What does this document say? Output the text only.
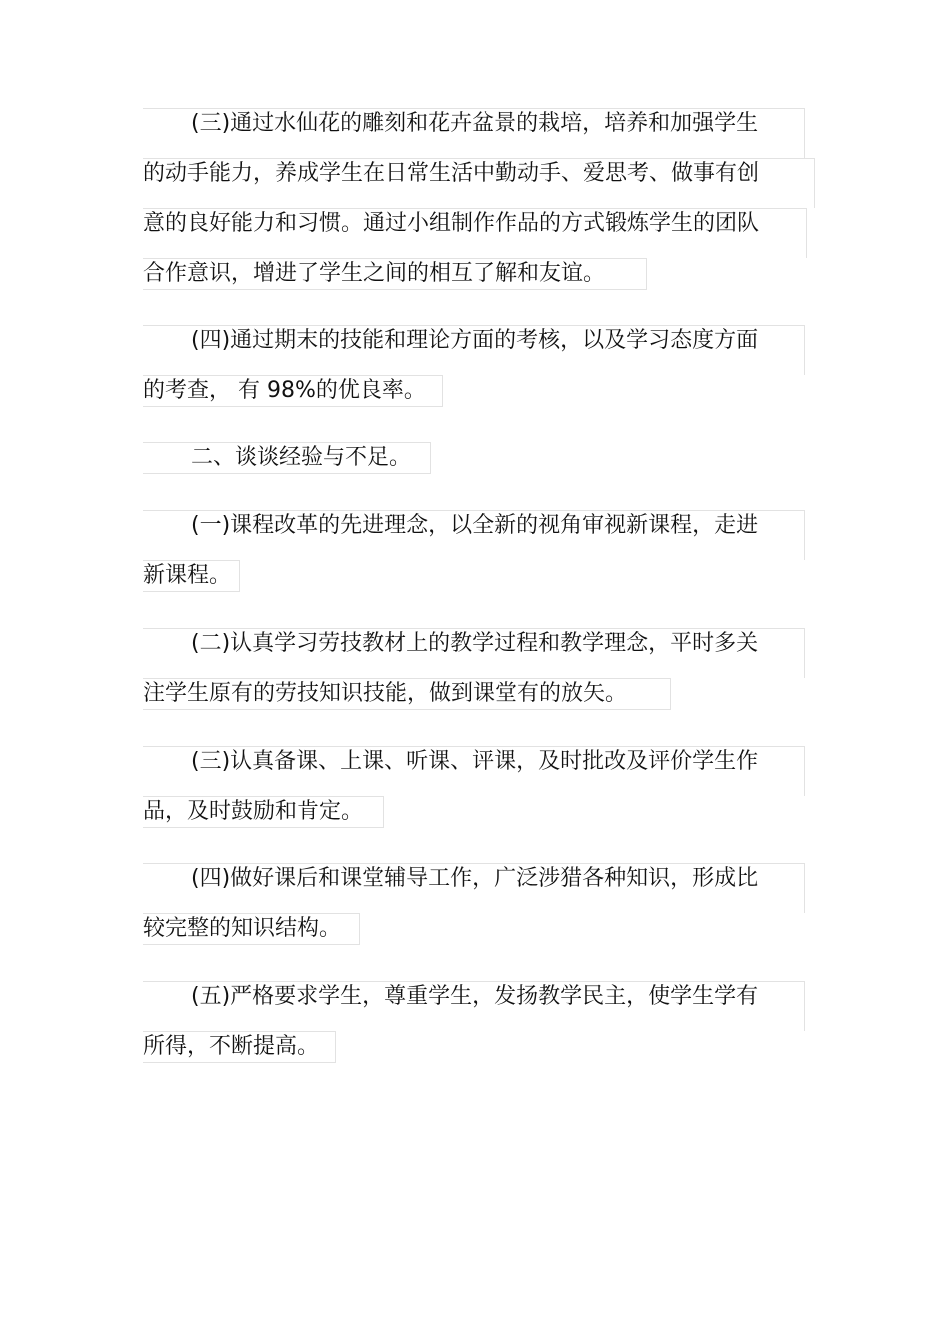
(三)通过水仙花的雕刻和花卉盆景的栽培，培养和加强学生
的动手能力，养成学生在日常生活中勤动手、爱思考、做事有创
意的良好能力和习惯。通过小组制作作品的方式锻炼学生的团队
合作意识，增进了学生之间的相互了解和友谊。
(四)通过期末的技能和理论方面的考核，以及学习态度方面
的考查， 有 98%的优良率。
二、谈谈经验与不足。
(一)课程改革的先进理念，以全新的视角审视新课程，走进
新课程。
(二)认真学习劳技教材上的教学过程和教学理念，平时多关
注学生原有的劳技知识技能，做到课堂有的放矢。
(三)认真备课、上课、听课、评课，及时批改及评价学生作
品，及时鼓励和肯定。
(四)做好课后和课堂辅导工作，广泛涉猎各种知识，形成比
较完整的知识结构。
(五)严格要求学生，尊重学生，发扬教学民主，使学生学有
所得，不断提高。
